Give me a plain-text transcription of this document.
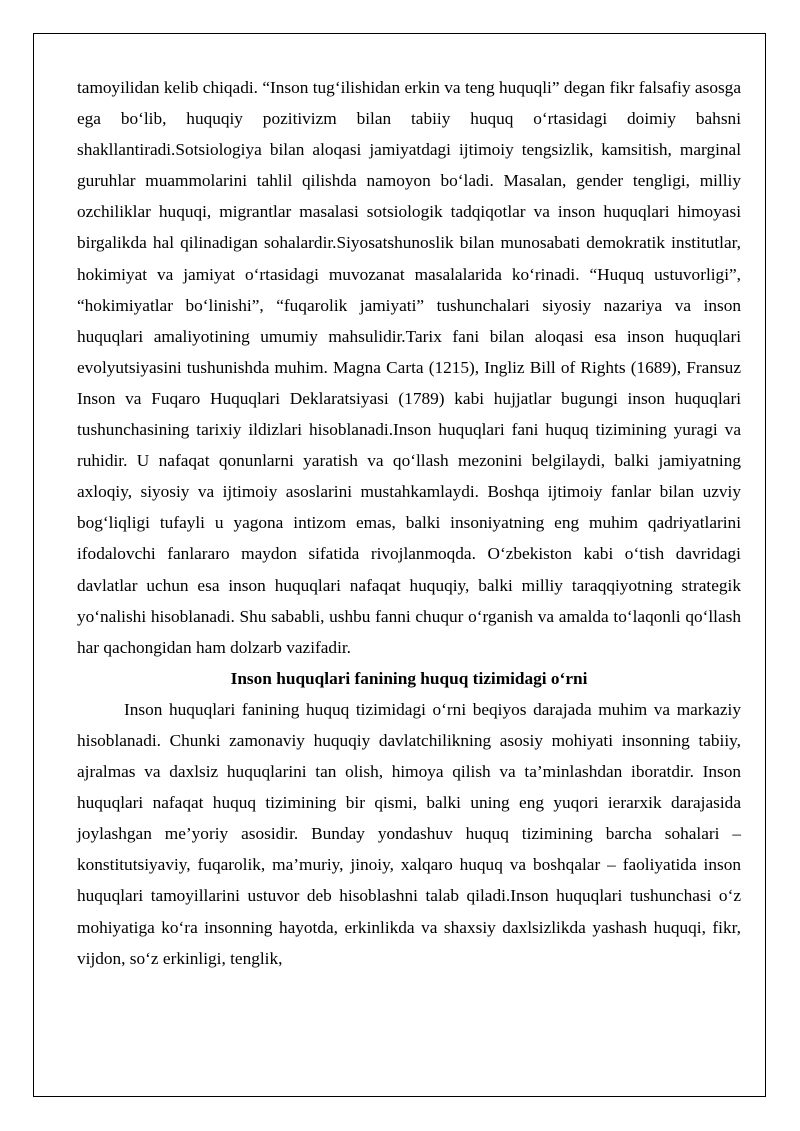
tamoyilidan kelib chiqadi. “Inson tug‘ilishidan erkin va teng huquqli” degan fikr falsafiy asosga ega bo‘lib, huquqiy pozitivizm bilan tabiiy huquq o‘rtasidagi doimiy bahsni shakllantiradi.Sotsiologiya bilan aloqasi jamiyatdagi ijtimoiy tengsizlik, kamsitish, marginal guruhlar muammolarini tahlil qilishda namoyon bo‘ladi. Masalan, gender tengligi, milliy ozchiliklar huquqi, migrantlar masalasi sotsiologik tadqiqotlar va inson huquqlari himoyasi birgalikda hal qilinadigan sohalardir.Siyosatshunoslik bilan munosabati demokratik institutlar, hokimiyat va jamiyat o‘rtasidagi muvozanat masalalarida ko‘rinadi. “Huquq ustuvorligi”, “hokimiyatlar bo‘linishi”, “fuqarolik jamiyati” tushunchalari siyosiy nazariya va inson huquqlari amaliyotining umumiy mahsulidir.Tarix fani bilan aloqasi esa inson huquqlari evolyutsiyasini tushunishda muhim. Magna Carta (1215), Ingliz Bill of Rights (1689), Fransuz Inson va Fuqaro Huquqlari Deklaratsiyasi (1789) kabi hujjatlar bugungi inson huquqlari tushunchasining tarixiy ildizlari hisoblanadi.Inson huquqlari fani huquq tizimining yuragi va ruhidir. U nafaqat qonunlarni yaratish va qo‘llash mezonini belgilaydi, balki jamiyatning axloqiy, siyosiy va ijtimoiy asoslarini mustahkamlaydi. Boshqa ijtimoiy fanlar bilan uzviy bog‘liqligi tufayli u yagona intizom emas, balki insoniyatning eng muhim qadriyatlarini ifodalovchi fanlararo maydon sifatida rivojlanmoqda. O‘zbekiston kabi o‘tish davridagi davlatlar uchun esa inson huquqlari nafaqat huquqiy, balki milliy taraqqiyotning strategik yo‘nalishi hisoblanadi. Shu sababli, ushbu fanni chuqur o‘rganish va amalda to‘laqonli qo‘llash har qachongidan ham dolzarb vazifadir.

Inson huquqlari fanining huquq tizimidagi o‘rni

Inson huquqlari fanining huquq tizimidagi o‘rni beqiyos darajada muhim va markaziy hisoblanadi. Chunki zamonaviy huquqiy davlatchilikning asosiy mohiyati insonning tabiiy, ajralmas va daxlsiz huquqlarini tan olish, himoya qilish va ta’minlashdan iboratdir. Inson huquqlari nafaqat huquq tizimining bir qismi, balki uning eng yuqori ierarxik darajasida joylashgan me’yoriy asosidir. Bunday yondashuv huquq tizimining barcha sohalari – konstitutsiyaviy, fuqarolik, ma’muriy, jinoiy, xalqaro huquq va boshqalar – faoliyatida inson huquqlari tamoyillarini ustuvor deb hisoblashni talab qiladi.Inson huquqlari tushunchasi o‘z mohiyatiga ko‘ra insonning hayotda, erkinlikda va shaxsiy daxlsizlikda yashash huquqi, fikr, vijdon, so‘z erkinligi, tenglik,
